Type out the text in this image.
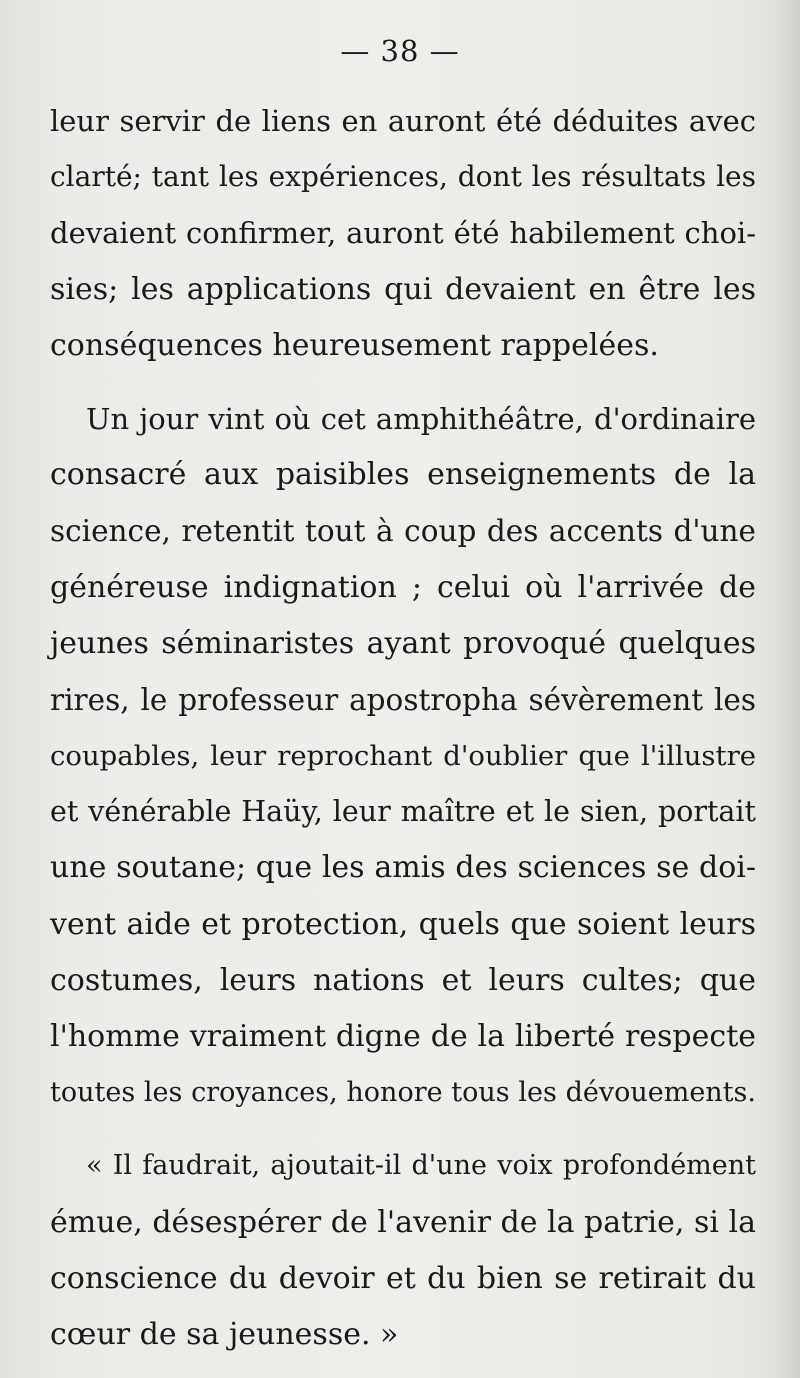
— 38 —
leur servir de liens en auront été déduites avec
clarté; tant les expériences, dont les résultats les
devaient confirmer, auront été habilement choi-
sies; les applications qui devaient en être les
conséquences heureusement rappelées.
Un jour vint où cet amphithéâtre, d'ordinaire
consacré aux paisibles enseignements de la
science, retentit tout à coup des accents d'une
généreuse indignation ; celui où l'arrivée de
jeunes séminaristes ayant provoqué quelques
rires, le professeur apostropha sévèrement les
coupables, leur reprochant d'oublier que l'illustre
et vénérable Haüy, leur maître et le sien, portait
une soutane; que les amis des sciences se doi-
vent aide et protection, quels que soient leurs
costumes, leurs nations et leurs cultes; que
l'homme vraiment digne de la liberté respecte
toutes les croyances, honore tous les dévouements.
« Il faudrait, ajoutait-il d'une voix profondément
émue, désespérer de l'avenir de la patrie, si la
conscience du devoir et du bien se retirait du
cœur de sa jeunesse. »
